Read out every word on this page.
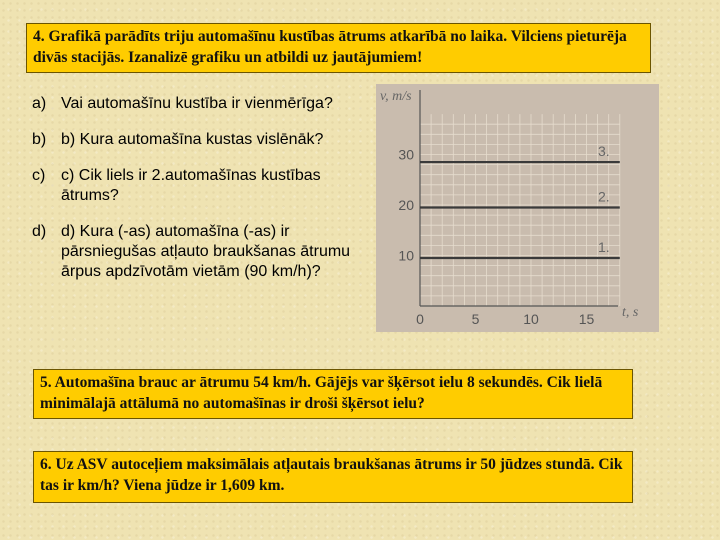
4. Grafikā parādīts triju automašīnu kustības ātrums atkarībā no laika. Vilciens pieturēja divās stacijās. Izanalizē grafiku un atbildi uz jautājumiem!
a) Vai automašīnu kustība ir vienmērīga?
b) b) Kura automašīna kustas vislēnāk?
c) c) Cik liels ir 2.automašīnas kustības ātrums?
d) d) Kura (-as) automašīna (-as) ir pārsniegušas atļauto braukšanas ātrumu ārpus apdzīvotām vietām (90 km/h)?
v, m/s
t, s
0	5	10	15
10
20
30
1.
2.
3.
5. Automašīna brauc ar ātrumu 54 km/h. Gājējs var šķērsot ielu 8 sekundēs. Cik lielā minimālajā attālumā no automašīnas ir droši šķērsot ielu?
6. Uz ASV autoceļiem maksimālais atļautais braukšanas ātrums ir 50 jūdzes stundā. Cik tas ir km/h? Viena jūdze ir 1,609 km.
